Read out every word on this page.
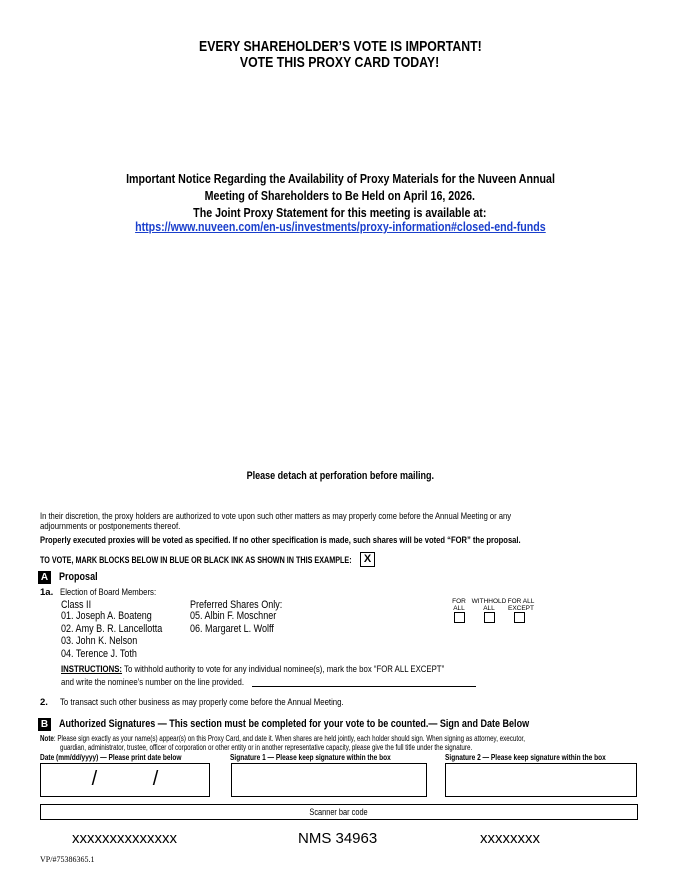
EVERY SHAREHOLDER’S VOTE IS IMPORTANT!
VOTE THIS PROXY CARD TODAY!
Important Notice Regarding the Availability of Proxy Materials for the Nuveen Annual
Meeting of Shareholders to Be Held on April 16, 2026.
The Joint Proxy Statement for this meeting is available at:
https://www.nuveen.com/en-us/investments/proxy-information#closed-end-funds
Please detach at perforation before mailing.
In their discretion, the proxy holders are authorized to vote upon such other matters as may properly come before the Annual Meeting or any
adjournments or postponements thereof.
Properly executed proxies will be voted as specified. If no other specification is made, such shares will be voted “FOR” the proposal.
TO VOTE, MARK BLOCKS BELOW IN BLUE OR BLACK INK AS SHOWN IN THIS EXAMPLE:	X
A Proposal
1a. Election of Board Members:
Class II
01. Joseph A. Boateng
02. Amy B. R. Lancellotta
03. John K. Nelson
04. Terence J. Toth
Preferred Shares Only:
05. Albin F. Moschner
06. Margaret L. Wolff
FOR
ALL
WITHHOLD
ALL
FOR ALL
EXCEPT
INSTRUCTIONS: To withhold authority to vote for any individual nominee(s), mark the box “FOR ALL EXCEPT”
and write the nominee’s number on the line provided.
2. To transact such other business as may properly come before the Annual Meeting.
B Authorized Signatures — This section must be completed for your vote to be counted.— Sign and Date Below
Note: Please sign exactly as your name(s) appear(s) on this Proxy Card, and date it. When shares are held jointly, each holder should sign. When signing as attorney, executor,
guardian, administrator, trustee, officer of corporation or other entity or in another representative capacity, please give the full title under the signature.
Date (mm/dd/yyyy) — Please print date below	Signature 1 — Please keep signature within the box	Signature 2 — Please keep signature within the box
/          /
Scanner bar code
xxxxxxxxxxxxxx	NMS 34963	xxxxxxxx
VP/#75386365.1
